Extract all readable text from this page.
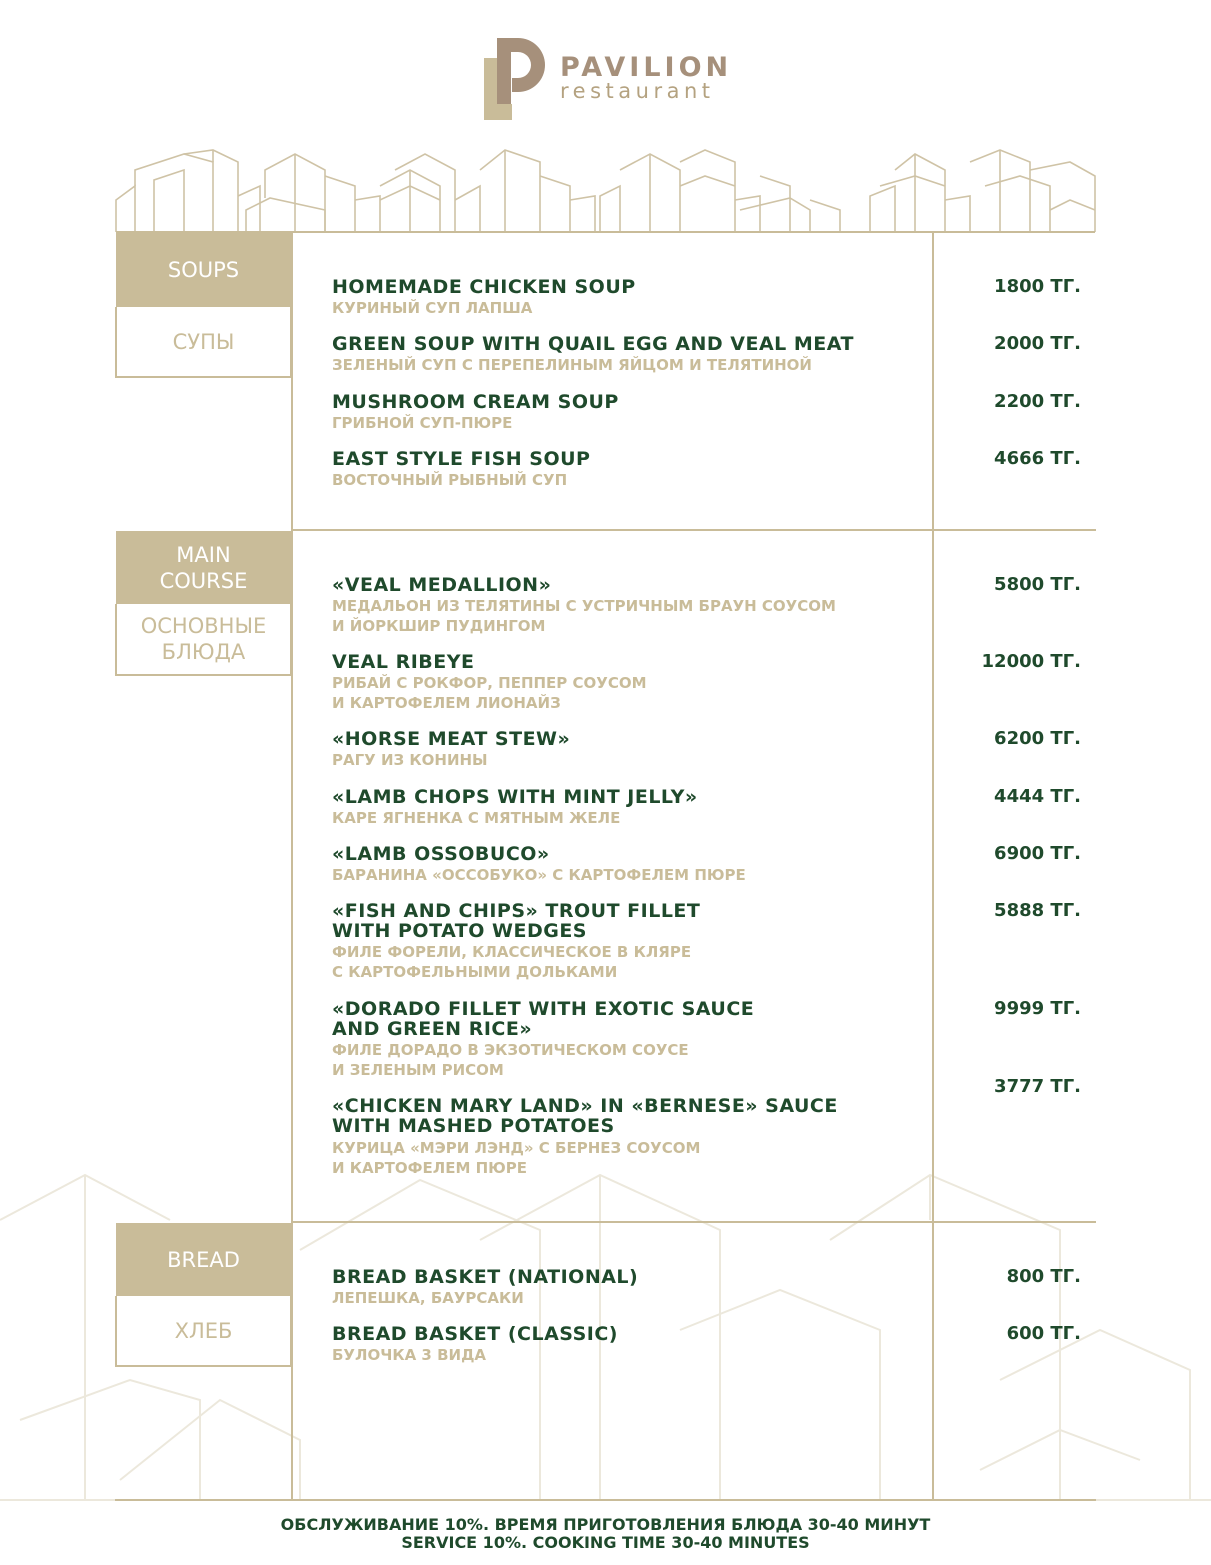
PAVILION
restaurant
SOUPS
СУПЫ
MAIN
COURSE
ОСНОВНЫЕ
БЛЮДА
BREAD
ХЛЕБ
HOMEMADE CHICKEN SOUP
КУРИНЫЙ СУП ЛАПША
1800 ТГ.
GREEN SOUP WITH QUAIL EGG AND VEAL MEAT
ЗЕЛЕНЫЙ СУП С ПЕРЕПЕЛИНЫМ ЯЙЦОМ И ТЕЛЯТИНОЙ
2000 ТГ.
MUSHROOM CREAM SOUP
ГРИБНОЙ СУП-ПЮРЕ
2200 ТГ.
EAST STYLE FISH SOUP
ВОСТОЧНЫЙ РЫБНЫЙ СУП
4666 ТГ.
«VEAL MEDALLION»
МЕДАЛЬОН ИЗ ТЕЛЯТИНЫ С УСТРИЧНЫМ БРАУН СОУСОМ
И ЙОРКШИР ПУДИНГОМ
5800 ТГ.
VEAL RIBEYE
РИБАЙ С РОКФОР, ПЕППЕР СОУСОМ
И КАРТОФЕЛЕМ ЛИОНАЙЗ
12000 ТГ.
«HORSE MEAT STEW»
РАГУ ИЗ КОНИНЫ
6200 ТГ.
«LAMB CHOPS WITH MINT JELLY»
КАРЕ ЯГНЕНКА С МЯТНЫМ ЖЕЛЕ
4444 ТГ.
«LAMB OSSOBUCO»
БАРАНИНА «ОССОБУКО» С КАРТОФЕЛЕМ ПЮРЕ
6900 ТГ.
«FISH AND CHIPS» TROUT FILLET
WITH POTATO WEDGES
ФИЛЕ ФОРЕЛИ, КЛАССИЧЕСКОЕ В КЛЯРЕ
С КАРТОФЕЛЬНЫМИ ДОЛЬКАМИ
5888 ТГ.
«DORADO FILLET WITH EXOTIC SAUCE
AND GREEN RICE»
ФИЛЕ ДОРАДО В ЭКЗОТИЧЕСКОМ СОУСЕ
И ЗЕЛЕНЫМ РИСОМ
9999 ТГ.
«CHICKEN MARY LAND» IN «BERNESE» SAUCE
WITH MASHED POTATOES
КУРИЦА «МЭРИ ЛЭНД» С БЕРНЕЗ СОУСОМ
И КАРТОФЕЛЕМ ПЮРЕ
3777 ТГ.
BREAD BASKET (NATIONAL)
ЛЕПЕШКА, БАУРСАКИ
800 ТГ.
BREAD BASKET (CLASSIC)
БУЛОЧКА 3 ВИДА
600 ТГ.
ОБСЛУЖИВАНИЕ 10%. ВРЕМЯ ПРИГОТОВЛЕНИЯ БЛЮДА 30-40 МИНУТ
SERVICE 10%. COOKING TIME 30-40 MINUTES
